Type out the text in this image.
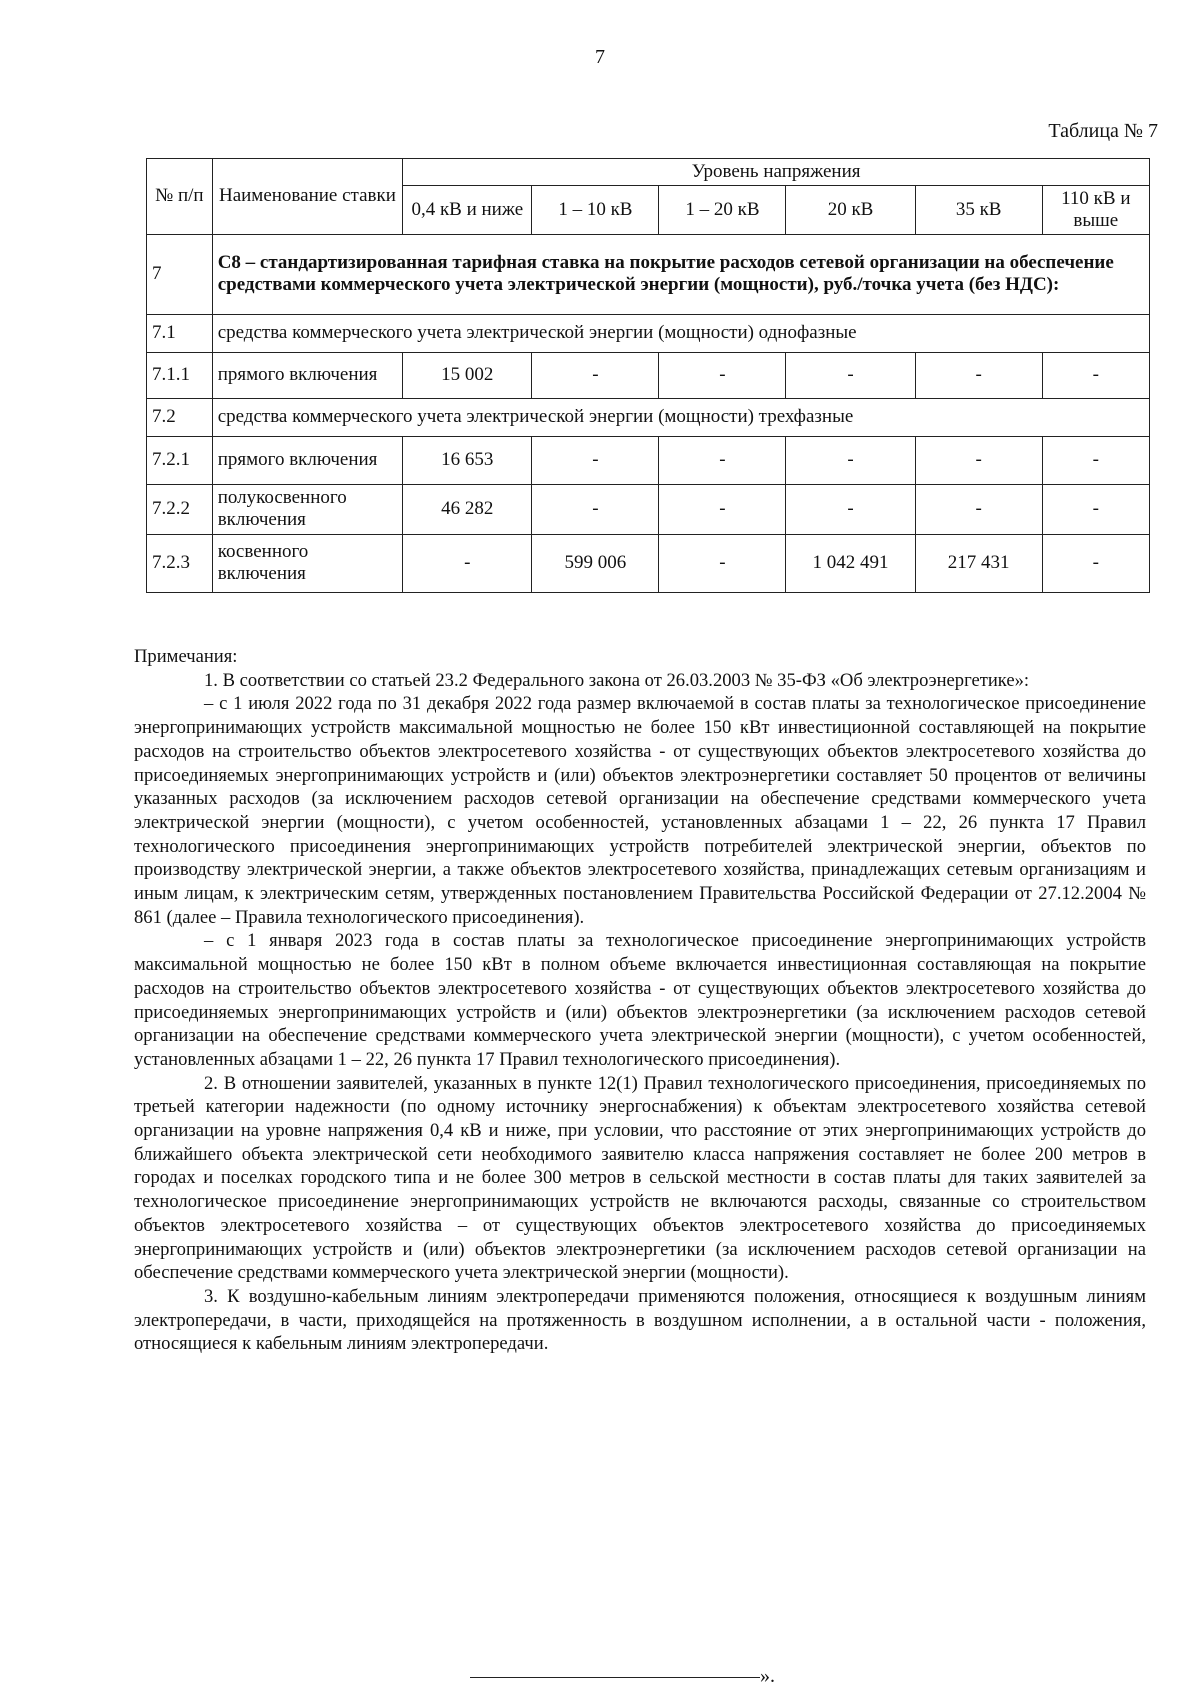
7
Таблица № 7
№ п/п	Наименование ставки	Уровень напряжения					
		0,4 кВ и ниже	1 – 10 кВ	1 – 20 кВ	20 кВ	35 кВ	110 кВ и выше
7	С8 – стандартизированная тарифная ставка на покрытие расходов сетевой организации на обеспечение средствами коммерческого учета электрической энергии (мощности), руб./точка учета (без НДС):						
7.1	средства коммерческого учета электрической энергии (мощности) однофазные						
7.1.1	прямого включения	15 002	-	-	-	-	-
7.2	средства коммерческого учета электрической энергии (мощности) трехфазные						
7.2.1	прямого включения	16 653	-	-	-	-	-
7.2.2	полукосвенного включения	46 282	-	-	-	-	-
7.2.3	косвенного включения	-	599 006	-	1 042 491	217 431	-

Примечания:

1. В соответствии со статьей 23.2 Федерального закона от 26.03.2003 № 35-ФЗ «Об электроэнергетике»:

– с 1 июля 2022 года по 31 декабря 2022 года размер включаемой в состав платы за технологическое присоединение энергопринимающих устройств максимальной мощностью не более 150 кВт инвестиционной составляющей на покрытие расходов на строительство объектов электросетевого хозяйства - от существующих объектов электросетевого хозяйства до присоединяемых энергопринимающих устройств и (или) объектов электроэнергетики составляет 50 процентов от величины указанных расходов (за исключением расходов сетевой организации на обеспечение средствами коммерческого учета электрической энергии (мощности), с учетом особенностей, установленных абзацами 1 – 22, 26 пункта 17 Правил технологического присоединения энергопринимающих устройств потребителей электрической энергии, объектов по производству электрической энергии, а также объектов электросетевого хозяйства, принадлежащих сетевым организациям и иным лицам, к электрическим сетям, утвержденных постановлением Правительства Российской Федерации от 27.12.2004 № 861 (далее – Правила технологического присоединения).

– с 1 января 2023 года в состав платы за технологическое присоединение энергопринимающих устройств максимальной мощностью не более 150 кВт в полном объеме включается инвестиционная составляющая на покрытие расходов на строительство объектов электросетевого хозяйства - от существующих объектов электросетевого хозяйства до присоединяемых энергопринимающих устройств и (или) объектов электроэнергетики (за исключением расходов сетевой организации на обеспечение средствами коммерческого учета электрической энергии (мощности), с учетом особенностей, установленных абзацами 1 – 22, 26 пункта 17 Правил технологического присоединения).

2. В отношении заявителей, указанных в пункте 12(1) Правил технологического присоединения, присоединяемых по третьей категории надежности (по одному источнику энергоснабжения) к объектам электросетевого хозяйства сетевой организации на уровне напряжения 0,4 кВ и ниже, при условии, что расстояние от этих энергопринимающих устройств до ближайшего объекта электрической сети необходимого заявителю класса напряжения составляет не более 200 метров в городах и поселках городского типа и не более 300 метров в сельской местности в состав платы для таких заявителей за технологическое присоединение энергопринимающих устройств не включаются расходы, связанные со строительством объектов электросетевого хозяйства – от существующих объектов электросетевого хозяйства до присоединяемых энергопринимающих устройств и (или) объектов электроэнергетики (за исключением расходов сетевой организации на обеспечение средствами коммерческого учета электрической энергии (мощности).

3. К воздушно-кабельным линиям электропередачи применяются положения, относящиеся к воздушным линиям электропередачи, в части, приходящейся на протяженность в воздушном исполнении, а в остальной части - положения, относящиеся к кабельным линиям электропередачи.

».
